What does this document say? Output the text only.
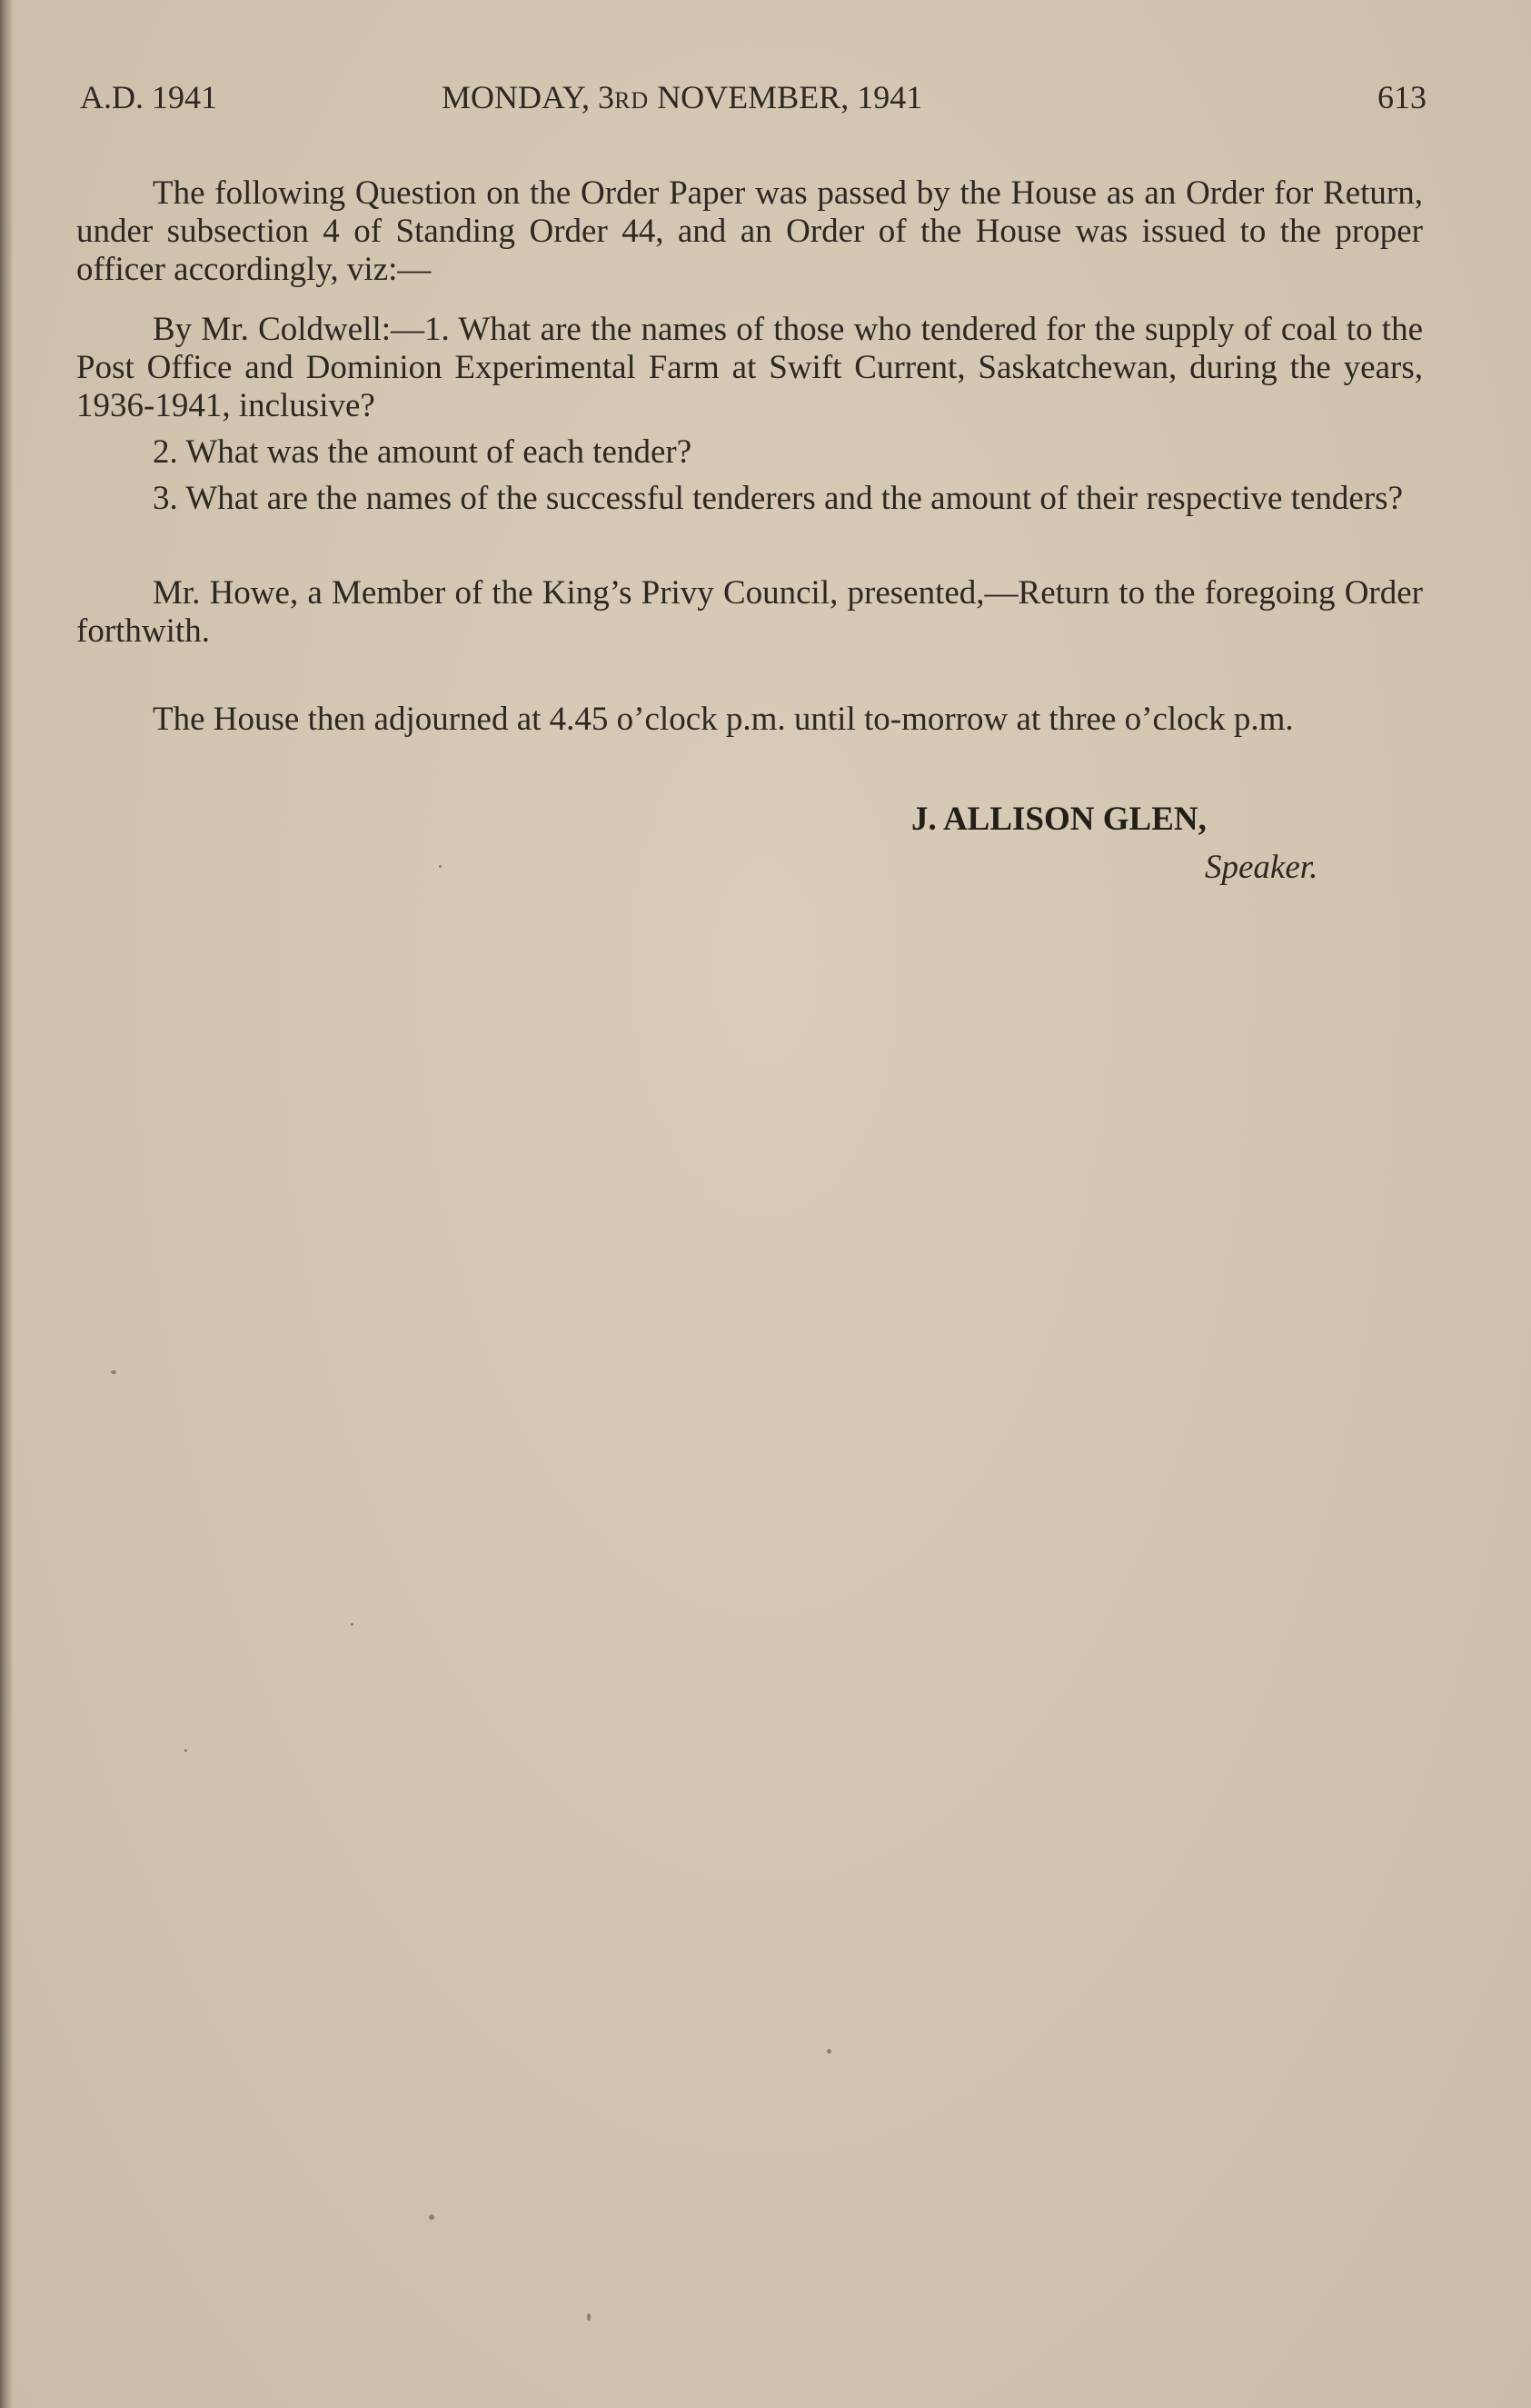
A.D. 1941	MONDAY, 3RD NOVEMBER, 1941	613

The following Question on the Order Paper was passed by the House as an Order for Return, under subsection 4 of Standing Order 44, and an Order of the House was issued to the proper officer accordingly, viz:—

By Mr. Coldwell:—1. What are the names of those who tendered for the supply of coal to the Post Office and Dominion Experimental Farm at Swift Current, Saskatchewan, during the years, 1936-1941, inclusive?

2. What was the amount of each tender?

3. What are the names of the successful tenderers and the amount of their respective tenders?

Mr. Howe, a Member of the King’s Privy Council, presented,—Return to the foregoing Order forthwith.

The House then adjourned at 4.45 o’clock p.m. until to-morrow at three o’clock p.m.

J. ALLISON GLEN,
Speaker.
